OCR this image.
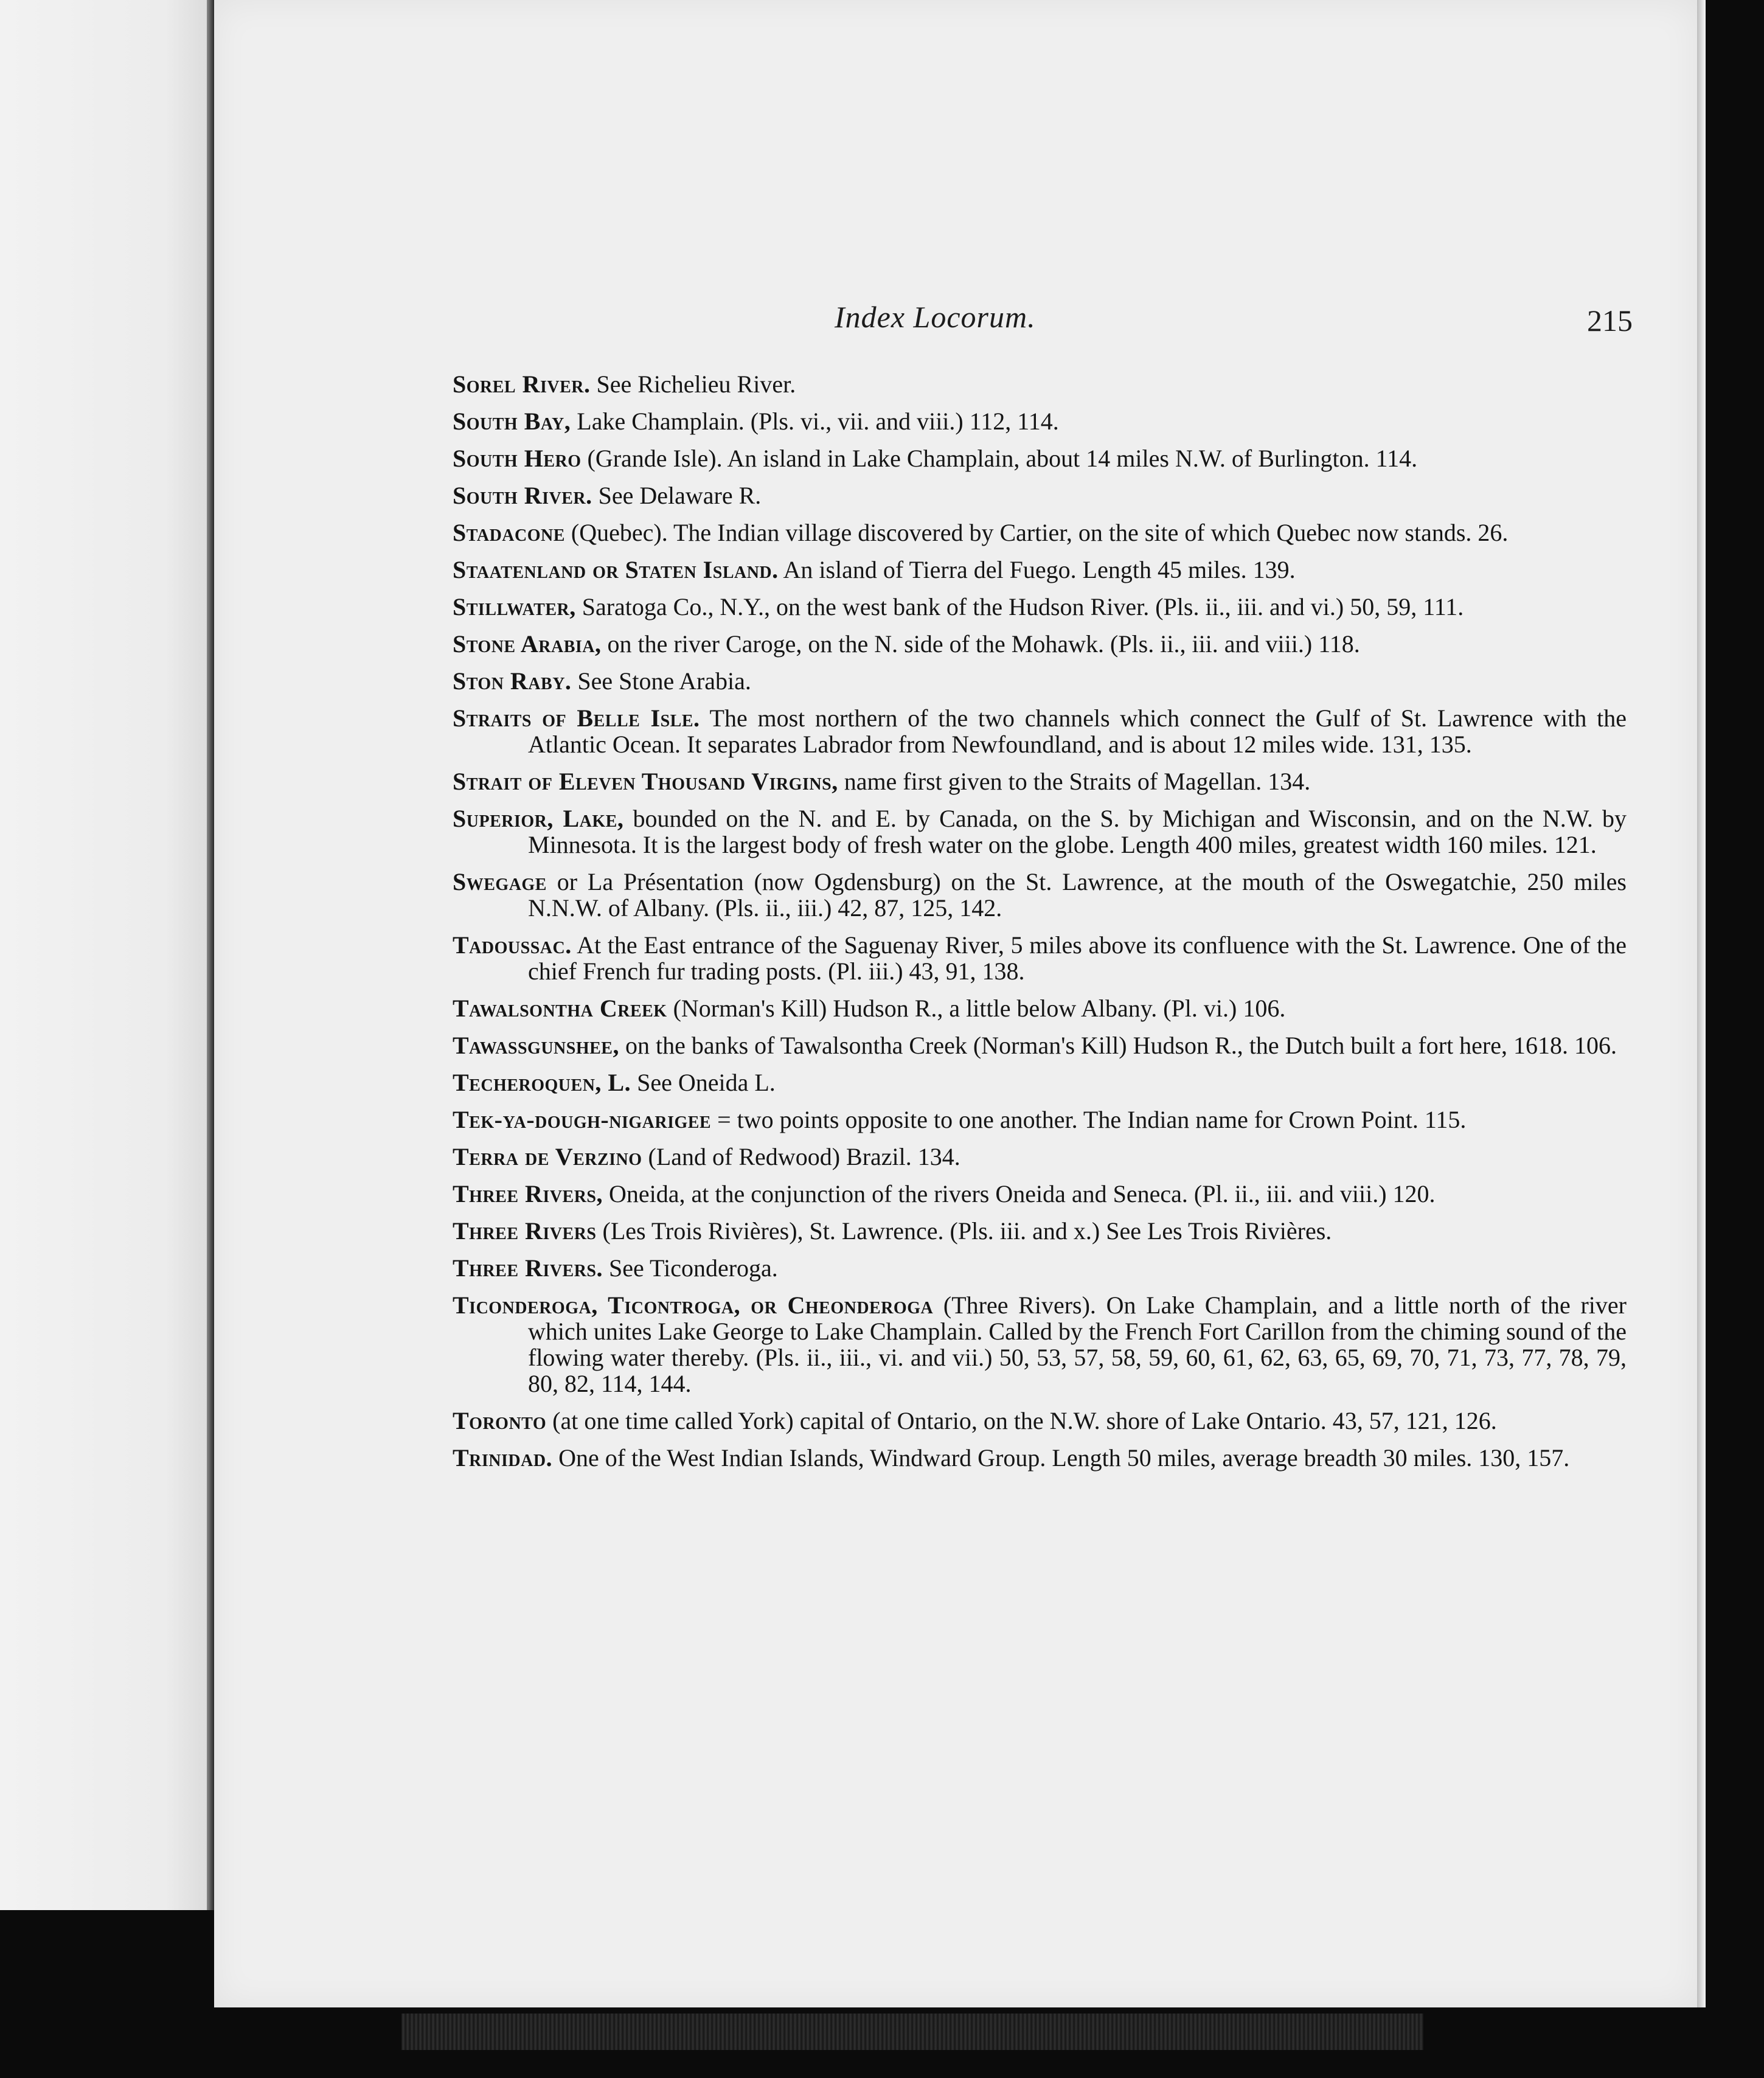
Index Locorum.	215

Sorel River. See Richelieu River.

South Bay, Lake Champlain. (Pls. vi., vii. and viii.) 112, 114.

South Hero (Grande Isle). An island in Lake Champlain, about 14 miles N.W. of Burlington. 114.

South River. See Delaware R.

Stadacone (Quebec). The Indian village discovered by Cartier, on the site of which Quebec now stands. 26.

Staatenland or Staten Island. An island of Tierra del Fuego. Length 45 miles. 139.

Stillwater, Saratoga Co., N.Y., on the west bank of the Hudson River. (Pls. ii., iii. and vi.) 50, 59, 111.

Stone Arabia, on the river Caroge, on the N. side of the Mohawk. (Pls. ii., iii. and viii.) 118.

Ston Raby. See Stone Arabia.

Straits of Belle Isle. The most northern of the two channels which connect the Gulf of St. Lawrence with the Atlantic Ocean. It separates Labrador from Newfoundland, and is about 12 miles wide. 131, 135.

Strait of Eleven Thousand Virgins, name first given to the Straits of Magellan. 134.

Superior, Lake, bounded on the N. and E. by Canada, on the S. by Michigan and Wisconsin, and on the N.W. by Minnesota. It is the largest body of fresh water on the globe. Length 400 miles, greatest width 160 miles. 121.

Swegage or La Présentation (now Ogdensburg) on the St. Lawrence, at the mouth of the Oswegatchie, 250 miles N.N.W. of Albany. (Pls. ii., iii.) 42, 87, 125, 142.

Tadoussac. At the East entrance of the Saguenay River, 5 miles above its confluence with the St. Lawrence. One of the chief French fur trading posts. (Pl. iii.) 43, 91, 138.

Tawalsontha Creek (Norman's Kill) Hudson R., a little below Albany. (Pl. vi.) 106.

Tawassgunshee, on the banks of Tawalsontha Creek (Norman's Kill) Hudson R., the Dutch built a fort here, 1618. 106.

Techeroquen, L. See Oneida L.

Tek-ya-dough-nigarigee = two points opposite to one another. The Indian name for Crown Point. 115.

Terra de Verzino (Land of Redwood) Brazil. 134.

Three Rivers, Oneida, at the conjunction of the rivers Oneida and Seneca. (Pl. ii., iii. and viii.) 120.

Three Rivers (Les Trois Rivières), St. Lawrence. (Pls. iii. and x.) See Les Trois Rivières.

Three Rivers. See Ticonderoga.

Ticonderoga, Ticontroga, or Cheonderoga (Three Rivers). On Lake Champlain, and a little north of the river which unites Lake George to Lake Champlain. Called by the French Fort Carillon from the chiming sound of the flowing water thereby. (Pls. ii., iii., vi. and vii.) 50, 53, 57, 58, 59, 60, 61, 62, 63, 65, 69, 70, 71, 73, 77, 78, 79, 80, 82, 114, 144.

Toronto (at one time called York) capital of Ontario, on the N.W. shore of Lake Ontario. 43, 57, 121, 126.

Trinidad. One of the West Indian Islands, Windward Group. Length 50 miles, average breadth 30 miles. 130, 157.
